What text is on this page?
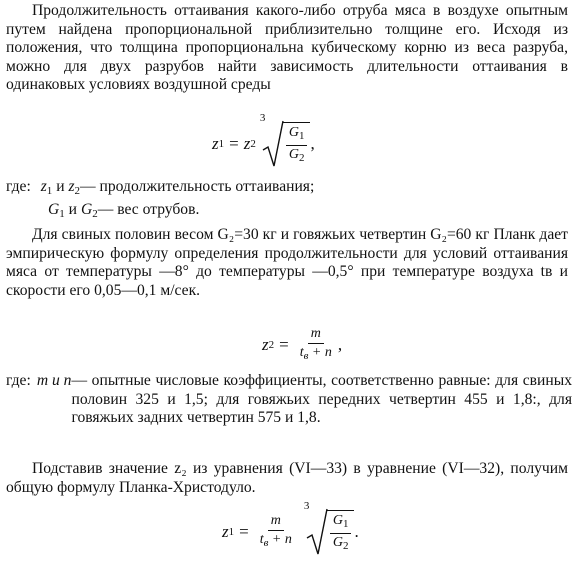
Продолжительность оттаивания какого-либо отруба мяса в воздухе опытным путем найдена пропорциональной приблизительно толщине его. Исходя из положения, что толщина пропорциональна кубическому корню из веса разруба, можно для двух разрубов найти зависимость длительности оттаивания в одинаковых условиях воздушной среды

z 1 = z 2
3
$\frac{G_1}{G_2}$ ,
где: $z_1$ и $z_2—$ продолжительность оттаивания;
$G_1$ и $G_2—$ вес отрубов.

Для свиных половин весом G₂=30 кг и говяжьих четвертин G₂=60 кг Планк дает эмпирическую формулу определения продолжительности для условий оттаивания мяса от температуры —8° до температуры —0,5° при температуре воздуха tв и скорости его 0,05—0,1 м/сек.

z $2 = \frac{m}{t_в + n}$ ,
где: m и n — опытные числовые коэффициенты, соответственно равные: для свиных половин 325 и 1,5; для говяжьих передних четвертин 455 и 1,8:, для говяжьих задних четвертин 575 и 1,8.

Подставив значение z₂ из уравнения (VI—33) в уравнение (VI—32), получим общую формулу Планка-Христодуло.

z $1 = \frac{m}{t_в + n}$
3
$\frac{G_1}{G_2}$ .
